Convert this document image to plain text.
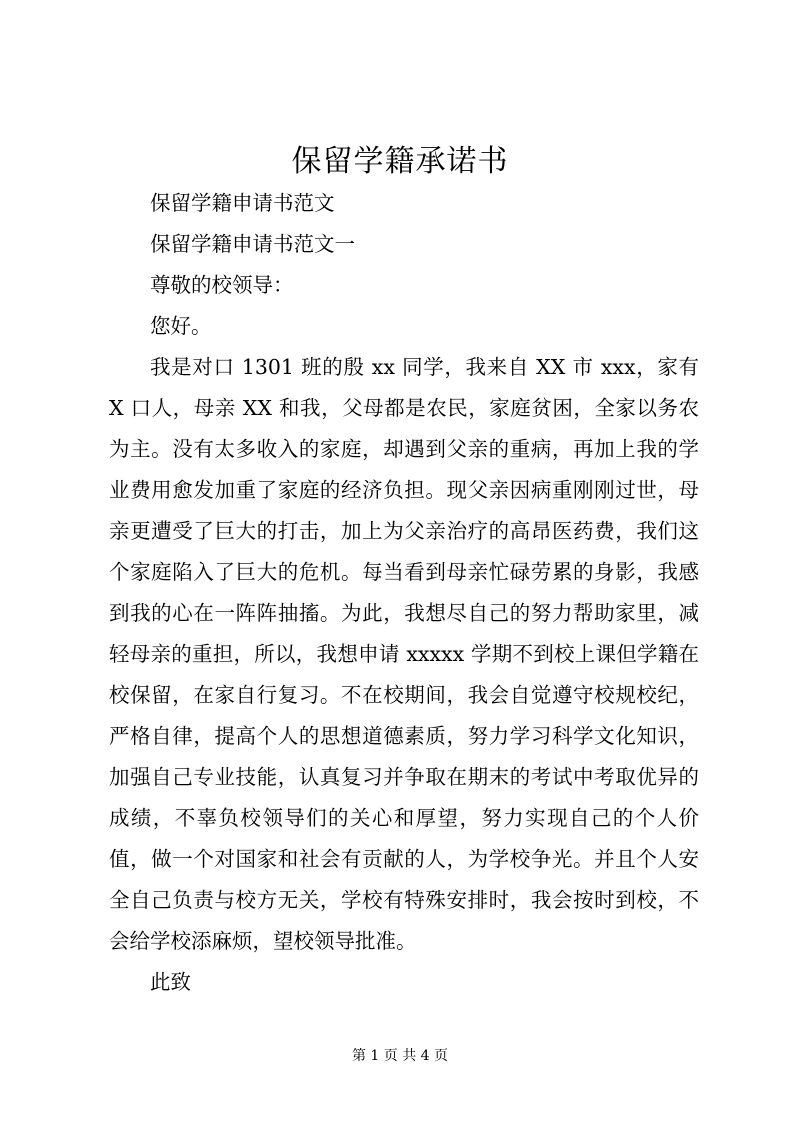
保留学籍承诺书

保留学籍申请书范文

保留学籍申请书范文一

尊敬的校领导：

您好。

我是对口 1301 班的殷 xx 同学，我来自 XX 市 xxx，家有 X 口人，母亲 XX 和我，父母都是农民，家庭贫困，全家以务农为主。没有太多收入的家庭，却遇到父亲的重病，再加上我的学业费用愈发加重了家庭的经济负担。现父亲因病重刚刚过世，母亲更遭受了巨大的打击，加上为父亲治疗的高昂医药费，我们这个家庭陷入了巨大的危机。每当看到母亲忙碌劳累的身影，我感到我的心在一阵阵抽搐。为此，我想尽自己的努力帮助家里，减轻母亲的重担，所以，我想申请 xxxxx 学期不到校上课但学籍在校保留，在家自行复习。不在校期间，我会自觉遵守校规校纪，严格自律，提高个人的思想道德素质，努力学习科学文化知识，加强自己专业技能，认真复习并争取在期末的考试中考取优异的成绩，不辜负校领导们的关心和厚望，努力实现自己的个人价值，做一个对国家和社会有贡献的人，为学校争光。并且个人安全自己负责与校方无关，学校有特殊安排时，我会按时到校，不会给学校添麻烦，望校领导批准。

此致

第 1 页 共 4 页
